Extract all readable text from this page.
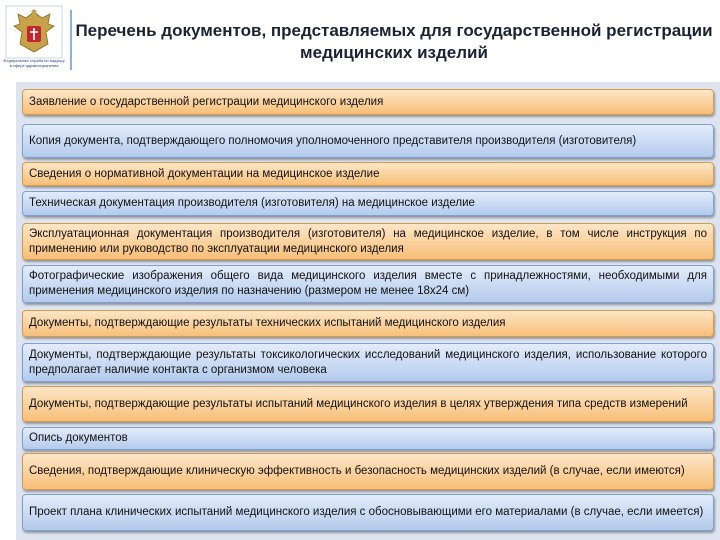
Федеральная служба по надзору в сфере здравоохранения
Перечень документов, представляемых для государственной регистрации медицинских изделий
Заявление о государственной регистрации медицинского изделия
Копия документа, подтверждающего полномочия уполномоченного представителя производителя (изготовителя)
Сведения о нормативной документации на медицинское изделие
Техническая документация производителя (изготовителя) на медицинское изделие
Эксплуатационная документация производителя (изготовителя) на медицинское изделие, в том числе инструкция по применению или руководство по эксплуатации медицинского изделия
Фотографические изображения общего вида медицинского изделия вместе с принадлежностями, необходимыми для применения медицинского изделия по назначению (размером не менее 18х24 см)
Документы, подтверждающие результаты технических испытаний медицинского изделия
Документы, подтверждающие результаты токсикологических исследований медицинского изделия, использование которого предполагает наличие контакта с организмом человека
Документы, подтверждающие результаты испытаний медицинского изделия в целях утверждения типа средств измерений
Опись документов
Сведения, подтверждающие клиническую эффективность и безопасность медицинских изделий (в случае, если имеются)
Проект плана клинических испытаний медицинского изделия с обосновывающими его материалами (в случае, если имеется)
